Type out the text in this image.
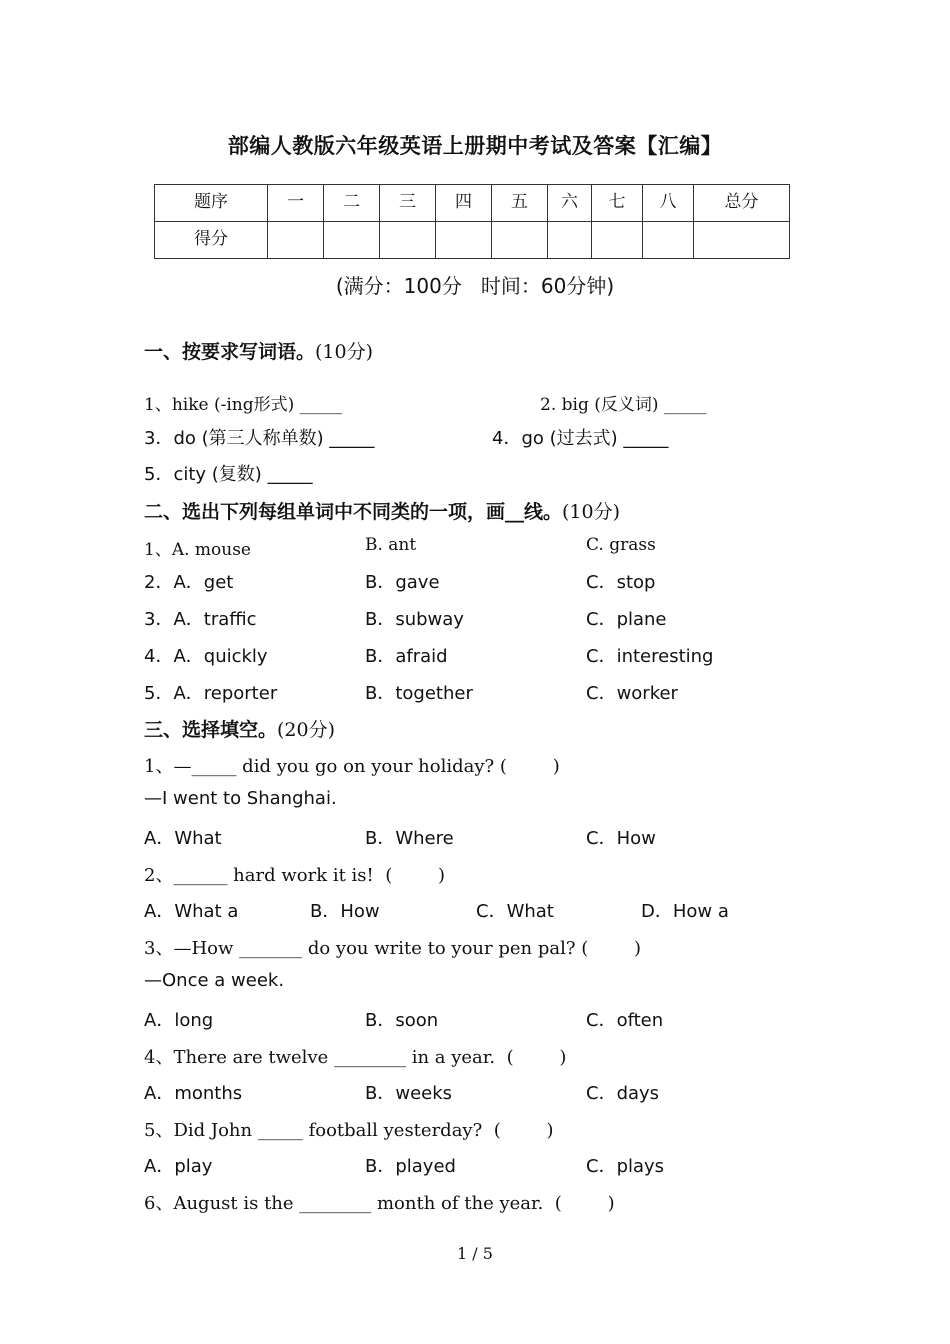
部编人教版六年级英语上册期中考试及答案【汇编】
题序	一	二	三	四	五	六	七	八	总分

得分									

(满分：100分   时间：60分钟)
一、按要求写词语。(10分)
1、hike (-ing形式) _____	2. big (反义词) _____
3．do (第三人称单数) _____	4．go (过去式) _____
5．city (复数) _____
二、选出下列每组单词中不同类的一项，画__线。(10分)
1、A. mouse	B. ant	C. grass
2．A．get	B．gave	C．stop
3．A．traffic	B．subway	C．plane
4．A．quickly	B．afraid	C．interesting
5．A．reporter	B．together	C．worker
三、选择填空。(20分)
1、—_____ did you go on your holiday? (        )
—I went to Shanghai.
A．What	B．Where	C．How
2、______ hard work it is!  (        )
A．What a	B．How	C．What	D．How a
3、—How _______ do you write to your pen pal? (        )
—Once a week.
A．long	B．soon	C．often
4、There are twelve ________ in a year.  (        )
A．months	B．weeks	C．days
5、Did John _____ football yesterday?  (        )
A．play	B．played	C．plays
6、August is the ________ month of the year.  (        )
1 / 5
